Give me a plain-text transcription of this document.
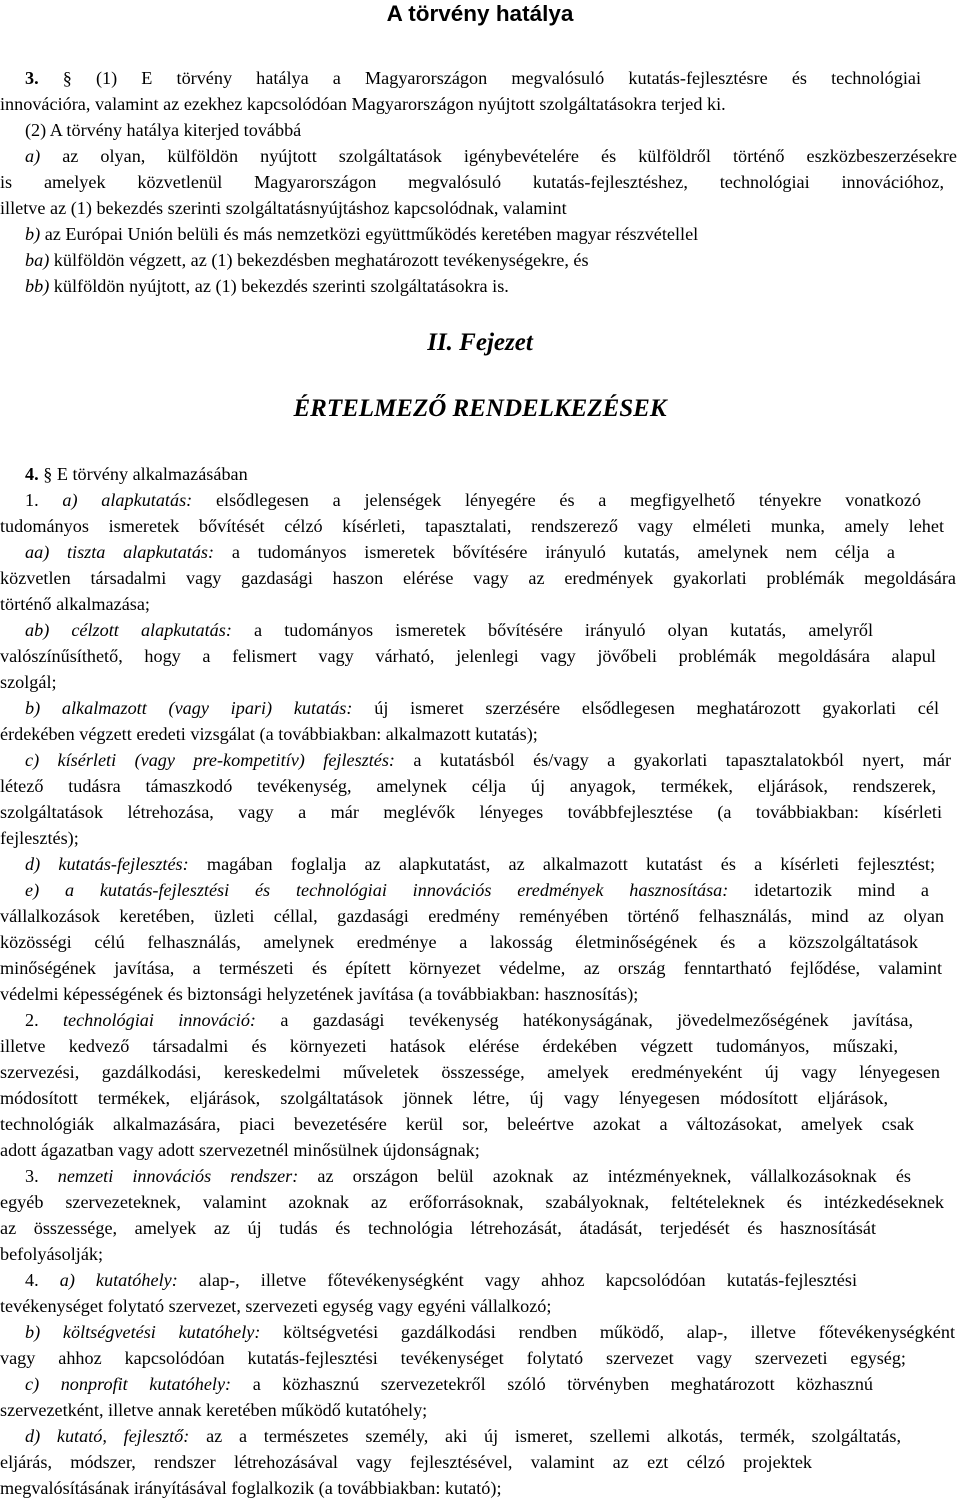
A törvény hatálya
3. § (1) E törvény hatálya a Magyarországon megvalósuló kutatás-fejlesztésre és technológiai
innovációra, valamint az ezekhez kapcsolódóan Magyarországon nyújtott szolgáltatásokra terjed ki.
(2) A törvény hatálya kiterjed továbbá
a) az olyan, külföldön nyújtott szolgáltatások igénybevételére és külföldről történő eszközbeszerzésekre
is amelyek közvetlenül Magyarországon megvalósuló kutatás-fejlesztéshez, technológiai innovációhoz,
illetve az (1) bekezdés szerinti szolgáltatásnyújtáshoz kapcsolódnak, valamint
b) az Európai Unión belüli és más nemzetközi együttműködés keretében magyar részvétellel
ba) külföldön végzett, az (1) bekezdésben meghatározott tevékenységekre, és
bb) külföldön nyújtott, az (1) bekezdés szerinti szolgáltatásokra is.
II. Fejezet
ÉRTELMEZŐ RENDELKEZÉSEK
4. § E törvény alkalmazásában
1. a) alapkutatás: elsődlegesen a jelenségek lényegére és a megfigyelhető tényekre vonatkozó
tudományos ismeretek bővítését célzó kísérleti, tapasztalati, rendszerező vagy elméleti munka, amely lehet
aa) tiszta alapkutatás: a tudományos ismeretek bővítésére irányuló kutatás, amelynek nem célja a
közvetlen társadalmi vagy gazdasági haszon elérése vagy az eredmények gyakorlati problémák megoldására
történő alkalmazása;
ab) célzott alapkutatás: a tudományos ismeretek bővítésére irányuló olyan kutatás, amelyről
valószínűsíthető, hogy a felismert vagy várható, jelenlegi vagy jövőbeli problémák megoldására alapul
szolgál;
b) alkalmazott (vagy ipari) kutatás: új ismeret szerzésére elsődlegesen meghatározott gyakorlati cél
érdekében végzett eredeti vizsgálat (a továbbiakban: alkalmazott kutatás);
c) kísérleti (vagy pre-kompetitív) fejlesztés: a kutatásból és/vagy a gyakorlati tapasztalatokból nyert, már
létező tudásra támaszkodó tevékenység, amelynek célja új anyagok, termékek, eljárások, rendszerek,
szolgáltatások létrehozása, vagy a már meglévők lényeges továbbfejlesztése (a továbbiakban: kísérleti
fejlesztés);
d) kutatás-fejlesztés: magában foglalja az alapkutatást, az alkalmazott kutatást és a kísérleti fejlesztést;
e) a kutatás-fejlesztési és technológiai innovációs eredmények hasznosítása: idetartozik mind a
vállalkozások keretében, üzleti céllal, gazdasági eredmény reményében történő felhasználás, mind az olyan
közösségi célú felhasználás, amelynek eredménye a lakosság életminőségének és a közszolgáltatások
minőségének javítása, a természeti és épített környezet védelme, az ország fenntartható fejlődése, valamint
védelmi képességének és biztonsági helyzetének javítása (a továbbiakban: hasznosítás);
2. technológiai innováció: a gazdasági tevékenység hatékonyságának, jövedelmezőségének javítása,
illetve kedvező társadalmi és környezeti hatások elérése érdekében végzett tudományos, műszaki,
szervezési, gazdálkodási, kereskedelmi műveletek összessége, amelyek eredményeként új vagy lényegesen
módosított termékek, eljárások, szolgáltatások jönnek létre, új vagy lényegesen módosított eljárások,
technológiák alkalmazására, piaci bevezetésére kerül sor, beleértve azokat a változásokat, amelyek csak
adott ágazatban vagy adott szervezetnél minősülnek újdonságnak;
3. nemzeti innovációs rendszer: az országon belül azoknak az intézményeknek, vállalkozásoknak és
egyéb szervezeteknek, valamint azoknak az erőforrásoknak, szabályoknak, feltételeknek és intézkedéseknek
az összessége, amelyek az új tudás és technológia létrehozását, átadását, terjedését és hasznosítását
befolyásolják;
4. a) kutatóhely: alap-, illetve főtevékenységként vagy ahhoz kapcsolódóan kutatás-fejlesztési
tevékenységet folytató szervezet, szervezeti egység vagy egyéni vállalkozó;
b) költségvetési kutatóhely: költségvetési gazdálkodási rendben működő, alap-, illetve főtevékenységként
vagy ahhoz kapcsolódóan kutatás-fejlesztési tevékenységet folytató szervezet vagy szervezeti egység;
c) nonprofit kutatóhely: a közhasznú szervezetekről szóló törvényben meghatározott közhasznú
szervezetként, illetve annak keretében működő kutatóhely;
d) kutató, fejlesztő: az a természetes személy, aki új ismeret, szellemi alkotás, termék, szolgáltatás,
eljárás, módszer, rendszer létrehozásával vagy fejlesztésével, valamint az ezt célzó projektek
megvalósításának irányításával foglalkozik (a továbbiakban: kutató);
